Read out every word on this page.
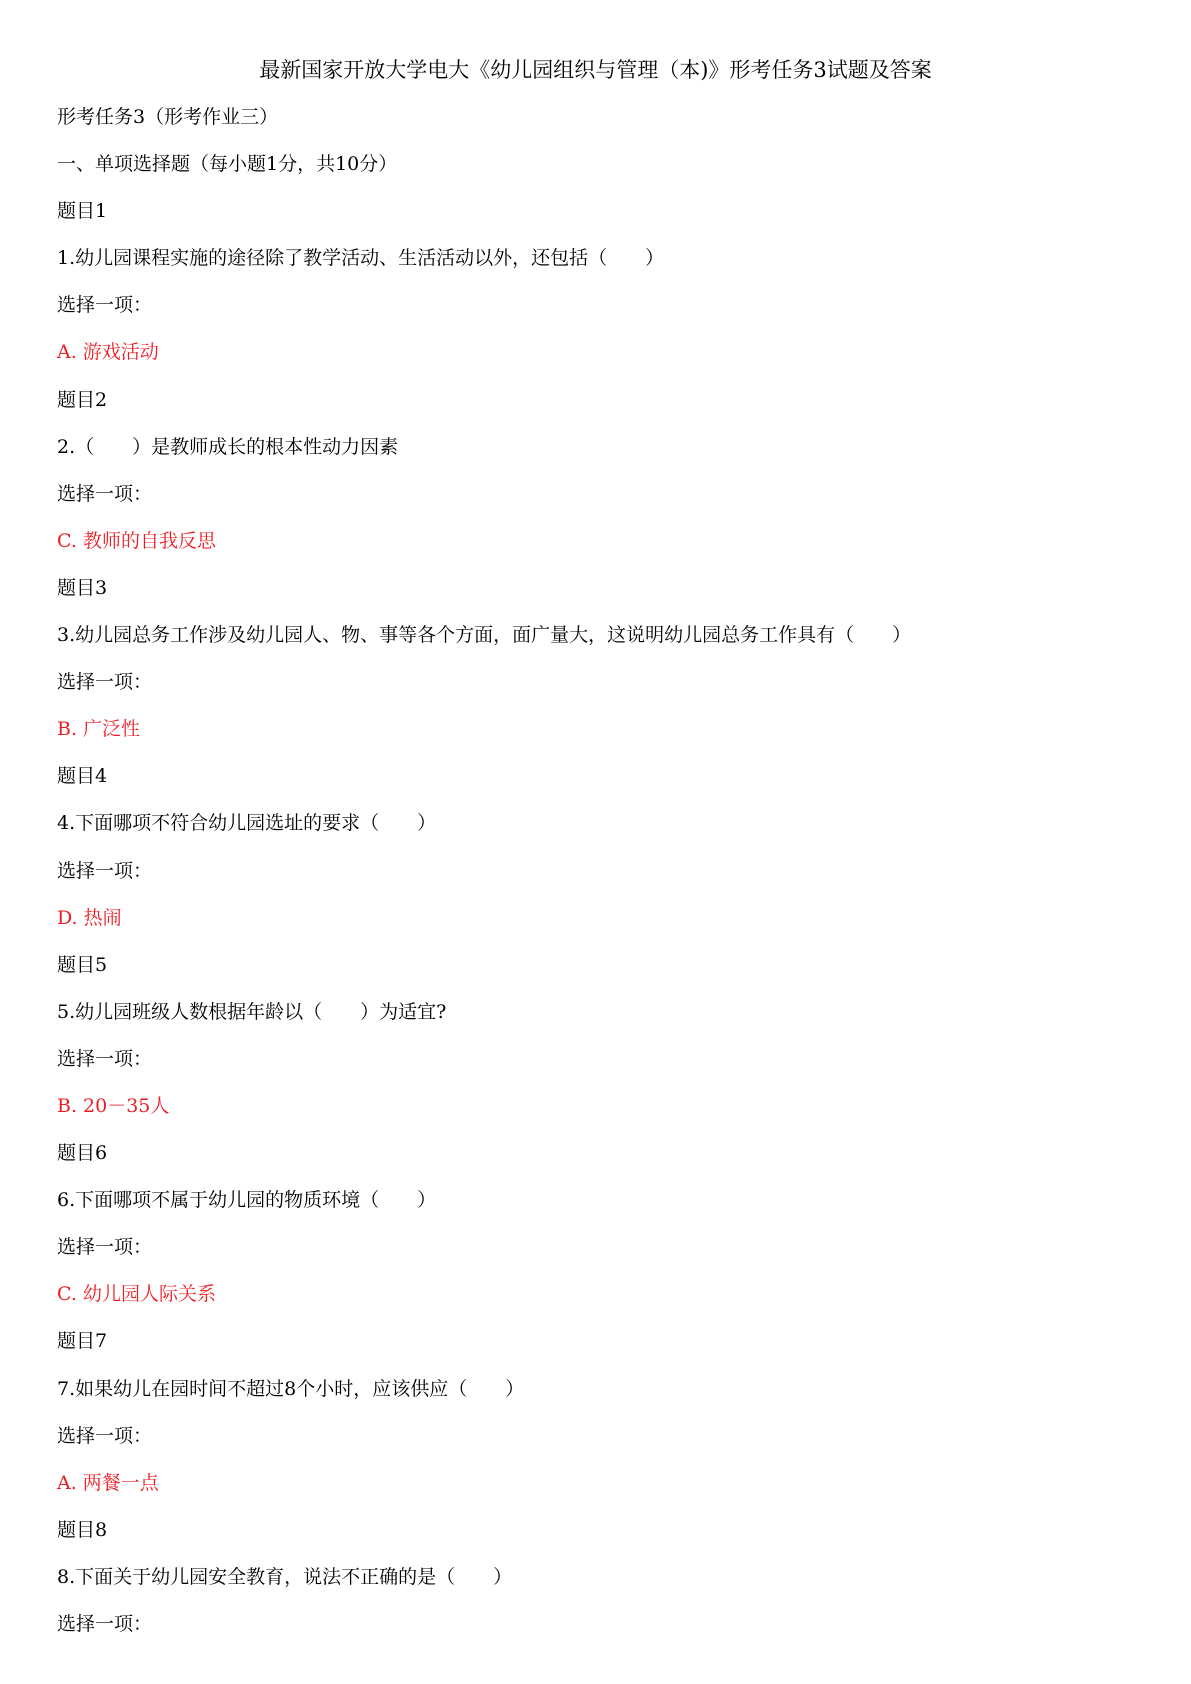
最新国家开放大学电大《幼儿园组织与管理（本)》形考任务3试题及答案
形考任务3（形考作业三）
一、单项选择题（每小题1分，共10分）
题目1
1.幼儿园课程实施的途径除了教学活动、生活活动以外，还包括（　　）
选择一项：
A. 游戏活动
题目2
2.（　　）是教师成长的根本性动力因素
选择一项：
C. 教师的自我反思
题目3
3.幼儿园总务工作涉及幼儿园人、物、事等各个方面，面广量大，这说明幼儿园总务工作具有（　　）
选择一项：
B. 广泛性
题目4
4.下面哪项不符合幼儿园选址的要求（　　）
选择一项：
D. 热闹
题目5
5.幼儿园班级人数根据年龄以（　　）为适宜?
选择一项：
B. 20－35人
题目6
6.下面哪项不属于幼儿园的物质环境（　　）
选择一项：
C. 幼儿园人际关系
题目7
7.如果幼儿在园时间不超过8个小时，应该供应（　　）
选择一项：
A. 两餐一点
题目8
8.下面关于幼儿园安全教育，说法不正确的是（　　）
选择一项：
